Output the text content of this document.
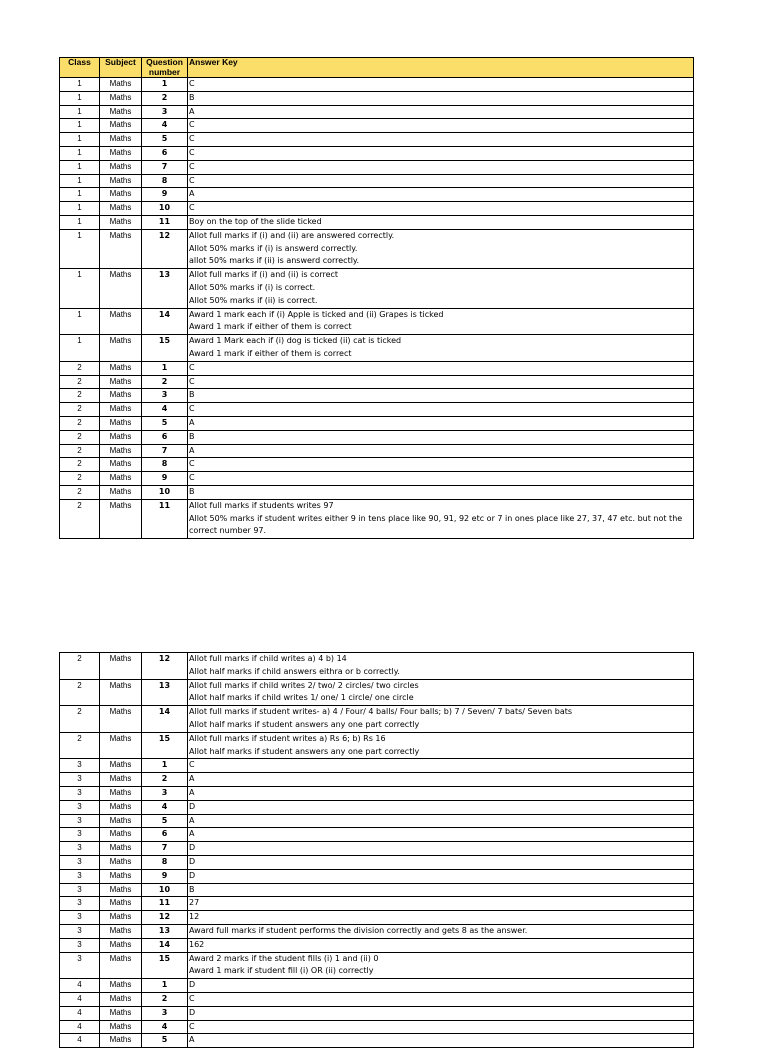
Class	Subject	Question number	Answer Key
1	Maths	1	C

1	Maths	2	B

1	Maths	3	A

1	Maths	4	C

1	Maths	5	C

1	Maths	6	C

1	Maths	7	C

1	Maths	8	C

1	Maths	9	A

1	Maths	10	C

1	Maths	11	Boy on the top of the slide ticked

1	Maths	12	Allot full marks if (i) and (ii) are answered correctly.
Allot 50% marks if (i) is answerd correctly.
allot 50% marks if (ii) is answerd correctly.

1	Maths	13	Allot full marks if (i) and (ii) is correct
Allot 50% marks if (i) is correct.
Allot 50% marks if (ii) is correct.

1	Maths	14	Award 1 mark each if (i) Apple is ticked and (ii) Grapes is ticked
Award 1 mark if either of them is correct

1	Maths	15	Award 1 Mark each if (i) dog is ticked (ii) cat is ticked
Award 1 mark if either of them is correct

2	Maths	1	C

2	Maths	2	C

2	Maths	3	B

2	Maths	4	C

2	Maths	5	A

2	Maths	6	B

2	Maths	7	A

2	Maths	8	C

2	Maths	9	C

2	Maths	10	B

2	Maths	11	Allot full marks if students writes 97
Allot 50% marks if student writes either 9 in tens place like 90, 91, 92 etc or 7 in ones place like 27, 37, 47 etc. but not the
correct number 97.
2	Maths	12	Allot full marks if child writes a) 4 b) 14
Allot half marks if child answers eithra or b correctly.

2	Maths	13	Allot full marks if child writes 2/ two/ 2 circles/ two circles
Allot half marks if child writes 1/ one/ 1 circle/ one circle

2	Maths	14	Allot full marks if student writes- a) 4 / Four/ 4 balls/ Four balls; b) 7 / Seven/ 7 bats/ Seven bats
Allot half marks if student answers any one part correctly

2	Maths	15	Allot full marks if student writes a) Rs 6; b) Rs 16
Allot half marks if student answers any one part correctly

3	Maths	1	C

3	Maths	2	A

3	Maths	3	A

3	Maths	4	D

3	Maths	5	A

3	Maths	6	A

3	Maths	7	D

3	Maths	8	D

3	Maths	9	D

3	Maths	10	B

3	Maths	11	27

3	Maths	12	12

3	Maths	13	Award full marks if student performs the division correctly and gets 8 as the answer.

3	Maths	14	162

3	Maths	15	Award 2 marks if the student fills (i) 1 and (ii) 0
Award 1 mark if student fill (i) OR (ii) correctly

4	Maths	1	D

4	Maths	2	C

4	Maths	3	D

4	Maths	4	C

4	Maths	5	A
